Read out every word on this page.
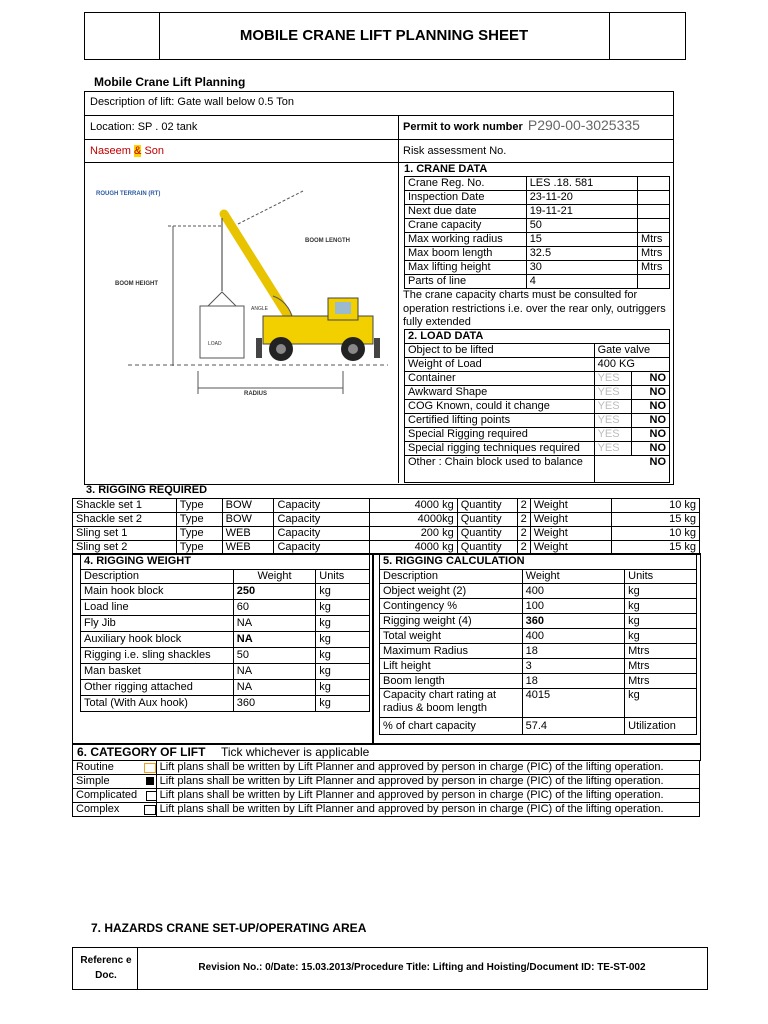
MOBILE CRANE LIFT PLANNING SHEET
Mobile Crane Lift Planning
Description of lift: Gate wall below 0.5 Ton
Location: SP . 02 tank	Permit to work number P290-00-3025335
Naseem & Son	Risk assessment No.
ROUGH TERRAIN (RT)
BOOM LENGTH
BOOM HEIGHT
ANGLE
LOAD
RADIUS
1. CRANE DATA
Crane Reg. No.	LES .18. 581	
Inspection Date	23-11-20	
Next due date	19-11-21	
Crane capacity	50	
Max working radius	15	Mtrs
Max boom length	32.5	Mtrs
Max lifting height	30	Mtrs
Parts of line	4	
The crane capacity charts must be consulted for operation restrictions i.e. over the rear only, outriggers fully extended
2. LOAD DATA		
Object to be lifted	Gate valve	
Weight of Load	400 KG	
Container	YES	NO
Awkward Shape	YES	NO
COG Known, could it change	YES	NO
Certified lifting points	YES	NO
Special Rigging required	YES	NO
Special rigging techniques required	YES	NO
Other : Chain block used to balance	NO	
3. RIGGING REQUIRED
Shackle set 1	Type	BOW	Capacity	4000 kg	Quantity	2	Weight	10 kg
Shackle set 2	Type	BOW	Capacity	4000kg	Quantity	2	Weight	15 kg
Sling set 1	Type	WEB	Capacity	200 kg	Quantity	2	Weight	10 kg
Sling set 2	Type	WEB	Capacity	4000 kg	Quantity	2	Weight	15 kg
4. RIGGING WEIGHT		
Description	Weight	Units
Main hook block	250	kg
Load line	60	kg
Fly Jib	NA	kg
Auxiliary hook block	NA	kg
Rigging i.e. sling shackles	50	kg
Man basket	NA	kg
Other rigging attached	NA	kg
Total (With Aux hook)	360	kg
5. RIGGING CALCULATION		
Description	Weight	Units
Object weight (2)	400	kg
Contingency %	100	kg
Rigging weight (4)	360	kg
Total weight	400	kg
Maximum Radius	18	Mtrs
Lift height	3	Mtrs
Boom length	18	Mtrs
Capacity chart rating at radius & boom length	4015	kg
% of chart capacity	57.4	Utilization
6. CATEGORY OF LIFT Tick whichever is applicable
Routine	Lift plans shall be written by Lift Planner and approved by person in charge (PIC) of the lifting operation.
Simple	Lift plans shall be written by Lift Planner and approved by person in charge (PIC) of the lifting operation.
Complicated	Lift plans shall be written by Lift Planner and approved by person in charge (PIC) of the lifting operation.
Complex	Lift plans shall be written by Lift Planner and approved by person in charge (PIC) of the lifting operation.
7. HAZARDS CRANE SET-UP/OPERATING AREA
Referenc e Doc.
Revision No.: 0/Date: 15.03.2013/Procedure Title: Lifting and Hoisting/Document ID: TE-ST-002
